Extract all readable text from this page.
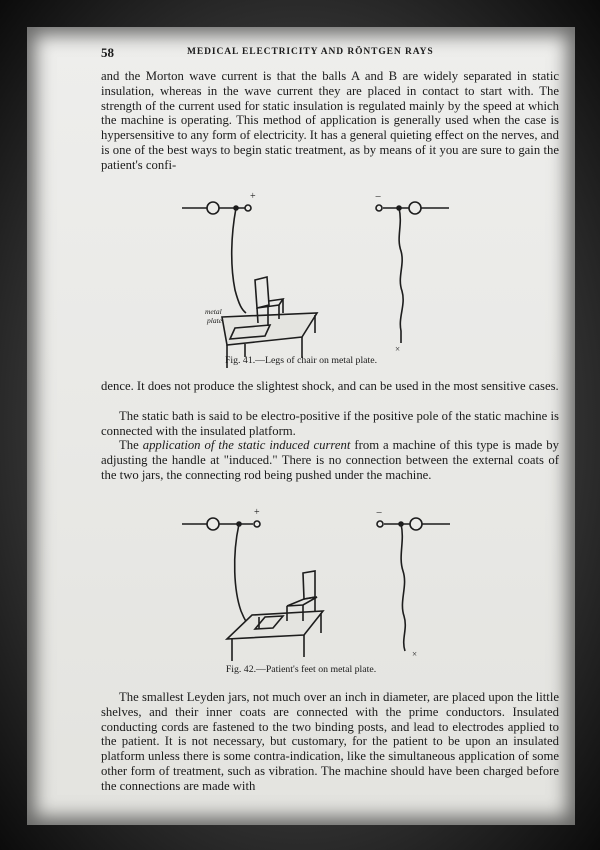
58	MEDICAL ELECTRICITY AND RÖNTGEN RAYS

and the Morton wave current is that the balls A and B are widely separated in static insulation, whereas in the wave current they are placed in contact to start with. The strength of the current used for static insulation is regulated mainly by the speed at which the machine is operating. This method of application is generally used when the case is hypersensitive to any form of electricity. It has a general quieting effect on the nerves, and is one of the best ways to begin static treatment, as by means of it you are sure to gain the patient's confi-

+	−
metal
plate
×
Fig. 41.—Legs of chair on metal plate.

dence. It does not produce the slightest shock, and can be used in the most sensitive cases.

The static bath is said to be electro-positive if the positive pole of the static machine is connected with the insulated platform.

The application of the static induced current from a machine of this type is made by adjusting the handle at "induced." There is no connection between the external coats of the two jars, the connecting rod being pushed under the machine.

+	−
×
Fig. 42.—Patient's feet on metal plate.

The smallest Leyden jars, not much over an inch in diameter, are placed upon the little shelves, and their inner coats are connected with the prime conductors. Insulated conducting cords are fastened to the two binding posts, and lead to electrodes applied to the patient. It is not necessary, but customary, for the patient to be upon an insulated platform unless there is some contra-indication, like the simultaneous application of some other form of treatment, such as vibration. The machine should have been charged before the connections are made with
